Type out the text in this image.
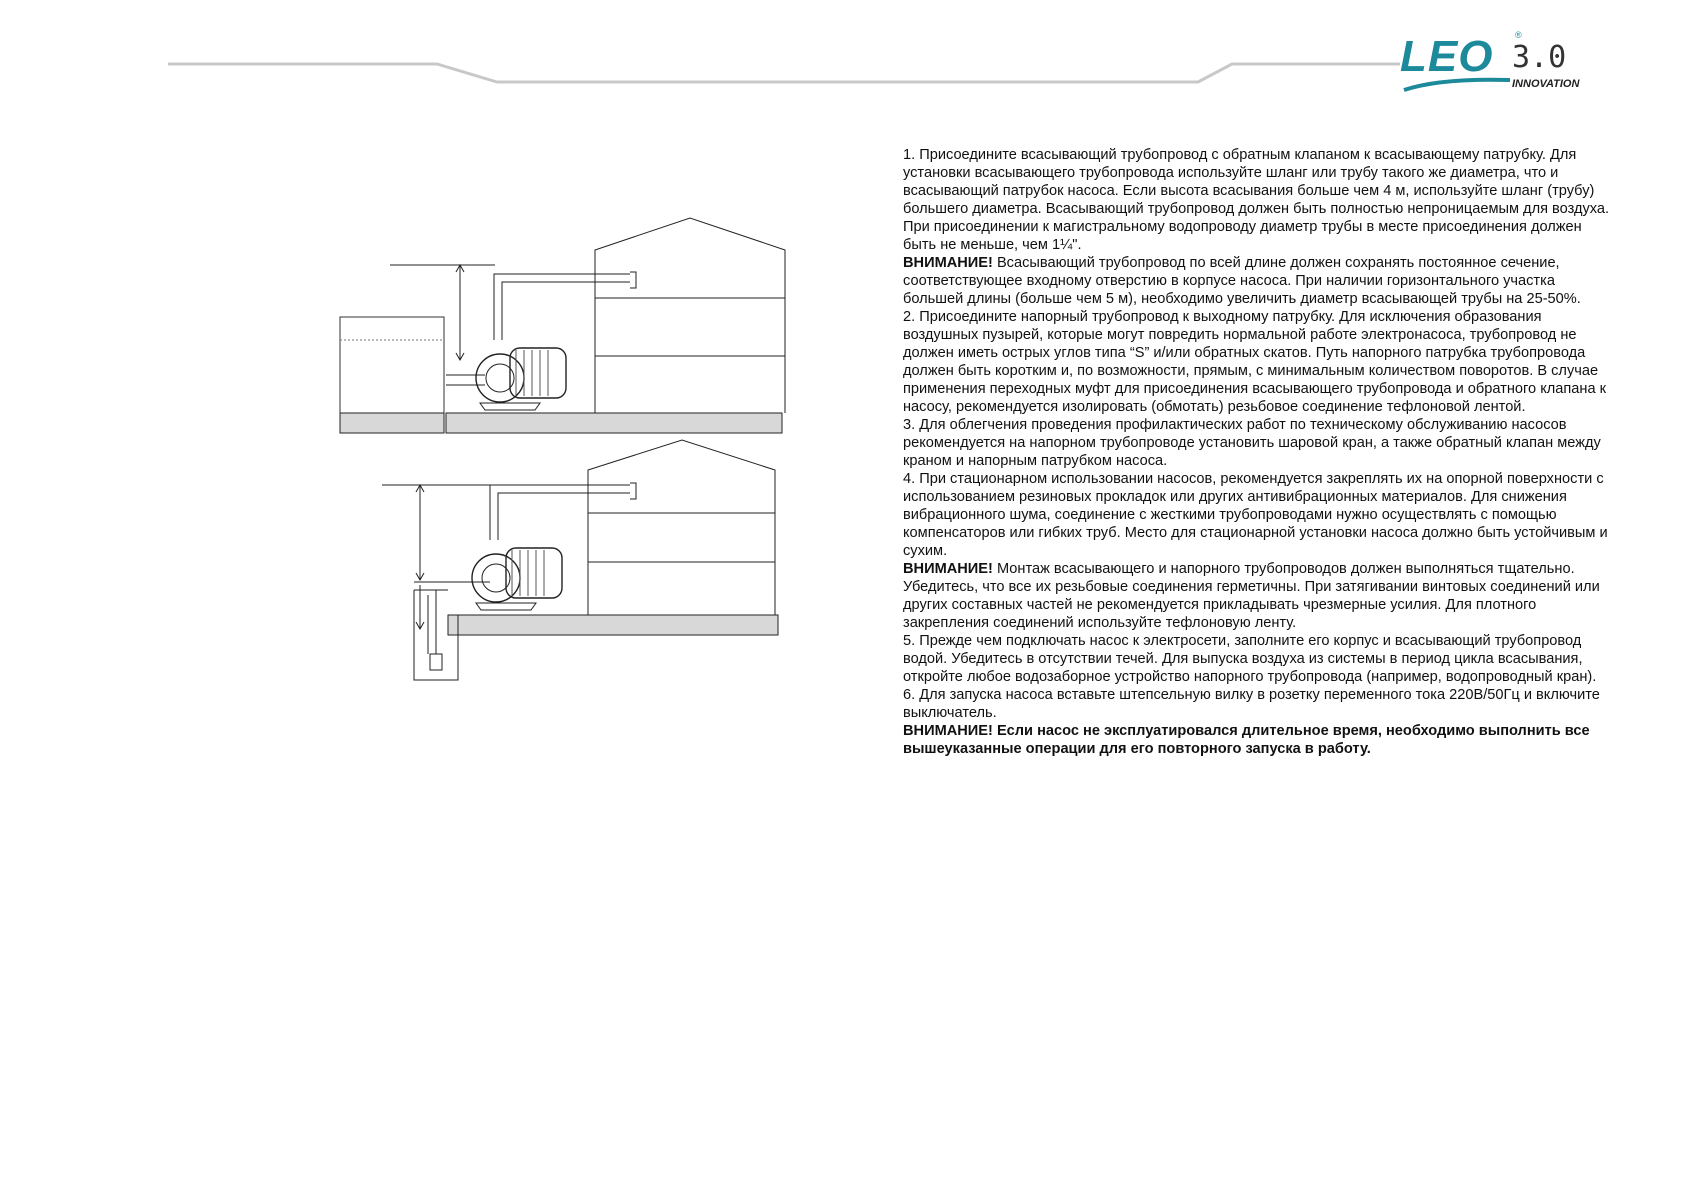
LEO ®
3.0
INNOVATION

1. Присоедините всасывающий трубопровод с обратным клапаном к всасывающему патрубку. Для установки всасывающего трубопровода используйте шланг или трубу такого же диаметра, что и всасывающий патрубок насоса. Если высота всасывания больше чем 4 м, используйте шланг (трубу) большего диаметра. Всасывающий трубопровод должен быть полностью непроницаемым для воздуха.

При присоединении к магистральному водопроводу диаметр трубы в месте присоединения должен быть не меньше, чем 1¼".

ВНИМАНИЕ! Всасывающий трубопровод по всей длине должен сохранять постоянное сечение, соответствующее входному отверстию в корпусе насоса. При наличии горизонтального участка большей длины (больше чем 5 м), необходимо увеличить диаметр всасывающей трубы на 25-50%.

2. Присоедините напорный трубопровод к выходному патрубку. Для исключения образования воздушных пузырей, которые могут повредить нормальной работе электронасоса, трубопровод не должен иметь острых углов типа “S” и/или обратных скатов. Путь напорного патрубка трубопровода должен быть коротким и, по возможности, прямым, с минимальным количеством поворотов. В случае применения переходных муфт для присоединения всасывающего трубопровода и обратного клапана к насосу, рекомендуется изолировать (обмотать) резьбовое соединение тефлоновой лентой.

3. Для облегчения проведения профилактических работ по техническому обслуживанию насосов рекомендуется на напорном трубопроводе установить шаровой кран, а также обратный клапан между краном и напорным патрубком насоса.

4. При стационарном использовании насосов, рекомендуется закреплять их на опорной поверхности с использованием резиновых прокладок или других антивибрационных материалов. Для снижения вибрационного шума, соединение с жесткими трубопроводами нужно осуществлять с помощью компенсаторов или гибких труб. Место для стационарной установки насоса должно быть устойчивым и сухим.

ВНИМАНИЕ! Монтаж всасывающего и напорного трубопроводов должен выполняться тщательно. Убедитесь, что все их резьбовые соединения герметичны. При затягивании винтовых соединений или других составных частей не рекомендуется прикладывать чрезмерные усилия. Для плотного закрепления соединений используйте тефлоновую ленту.

5. Прежде чем подключать насос к электросети, заполните его корпус и всасывающий трубопровод водой. Убедитесь в отсутствии течей. Для выпуска воздуха из системы в период цикла всасывания, откройте любое водозаборное устройство напорного трубопровода (например, водопроводный кран).

6. Для запуска насоса вставьте штепсельную вилку в розетку переменного тока 220В/50Гц и включите выключатель.

ВНИМАНИЕ! Если насос не эксплуатировался длительное время, необходимо выполнить все вышеуказанные операции для его повторного запуска в работу.
